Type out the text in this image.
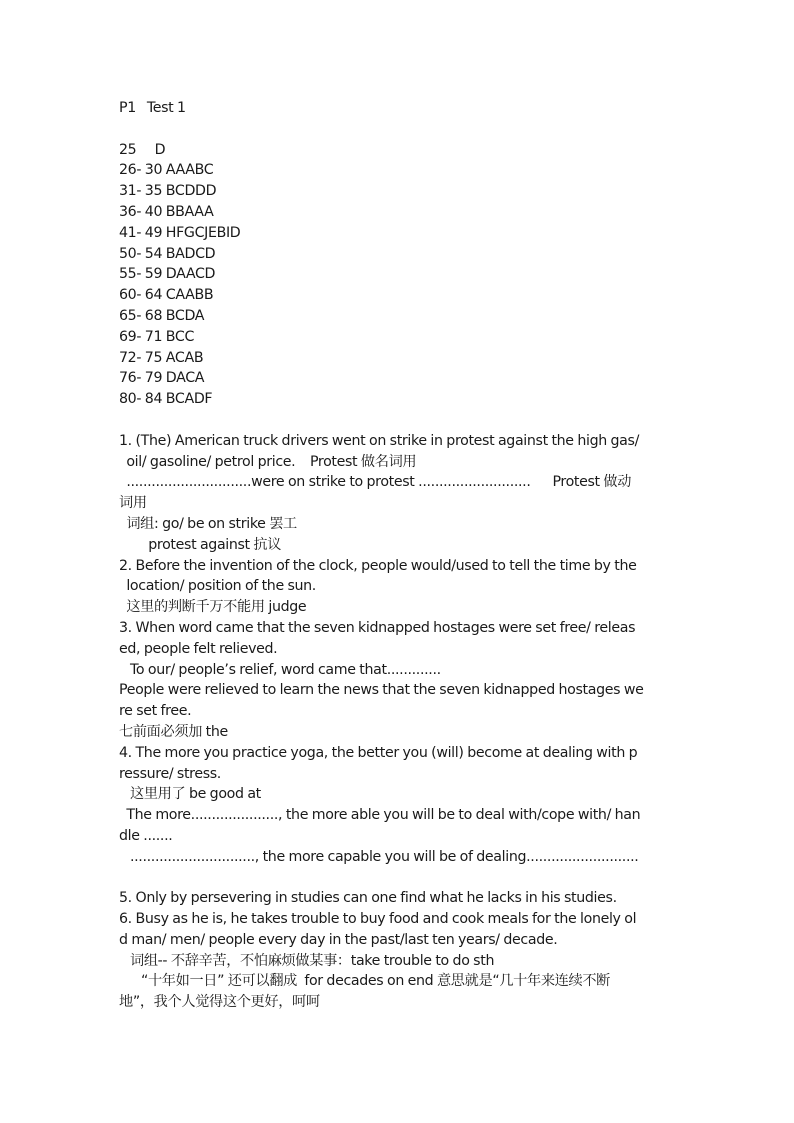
P1   Test 1
25     D
26- 30 AAABC
31- 35 BCDDD
36- 40 BBAAA
41- 49 HFGCJEBID
50- 54 BADCD
55- 59 DAACD
60- 64 CAABB
65- 68 BCDA
69- 71 BCC
72- 75 ACAB
76- 79 DACA
80- 84 BCADF
1. (The) American truck drivers went on strike in protest against the high gas/
oil/ gasoline/ petrol price.    Protest 做名词用
..............................were on strike to protest ...........................      Protest 做动
词用
词组: go/ be on strike 罢工
protest against 抗议
2. Before the invention of the clock, people would/used to tell the time by the
location/ position of the sun.
这里的判断千万不能用 judge
3. When word came that the seven kidnapped hostages were set free/ releas
ed, people felt relieved.
To our/ people’s relief, word came that.............
People were relieved to learn the news that the seven kidnapped hostages we
re set free.
七前面必须加 the
4. The more you practice yoga, the better you (will) become at dealing with p
ressure/ stress.
这里用了 be good at
The more....................., the more able you will be to deal with/cope with/ han
dle .......
.............................., the more capable you will be of dealing...........................
5. Only by persevering in studies can one find what he lacks in his studies.
6. Busy as he is, he takes trouble to buy food and cook meals for the lonely ol
d man/ men/ people every day in the past/last ten years/ decade.
词组-- 不辞辛苦，不怕麻烦做某事：take trouble to do sth
“十年如一日” 还可以翻成  for decades on end 意思就是“几十年来连续不断
地”，我个人觉得这个更好，呵呵
